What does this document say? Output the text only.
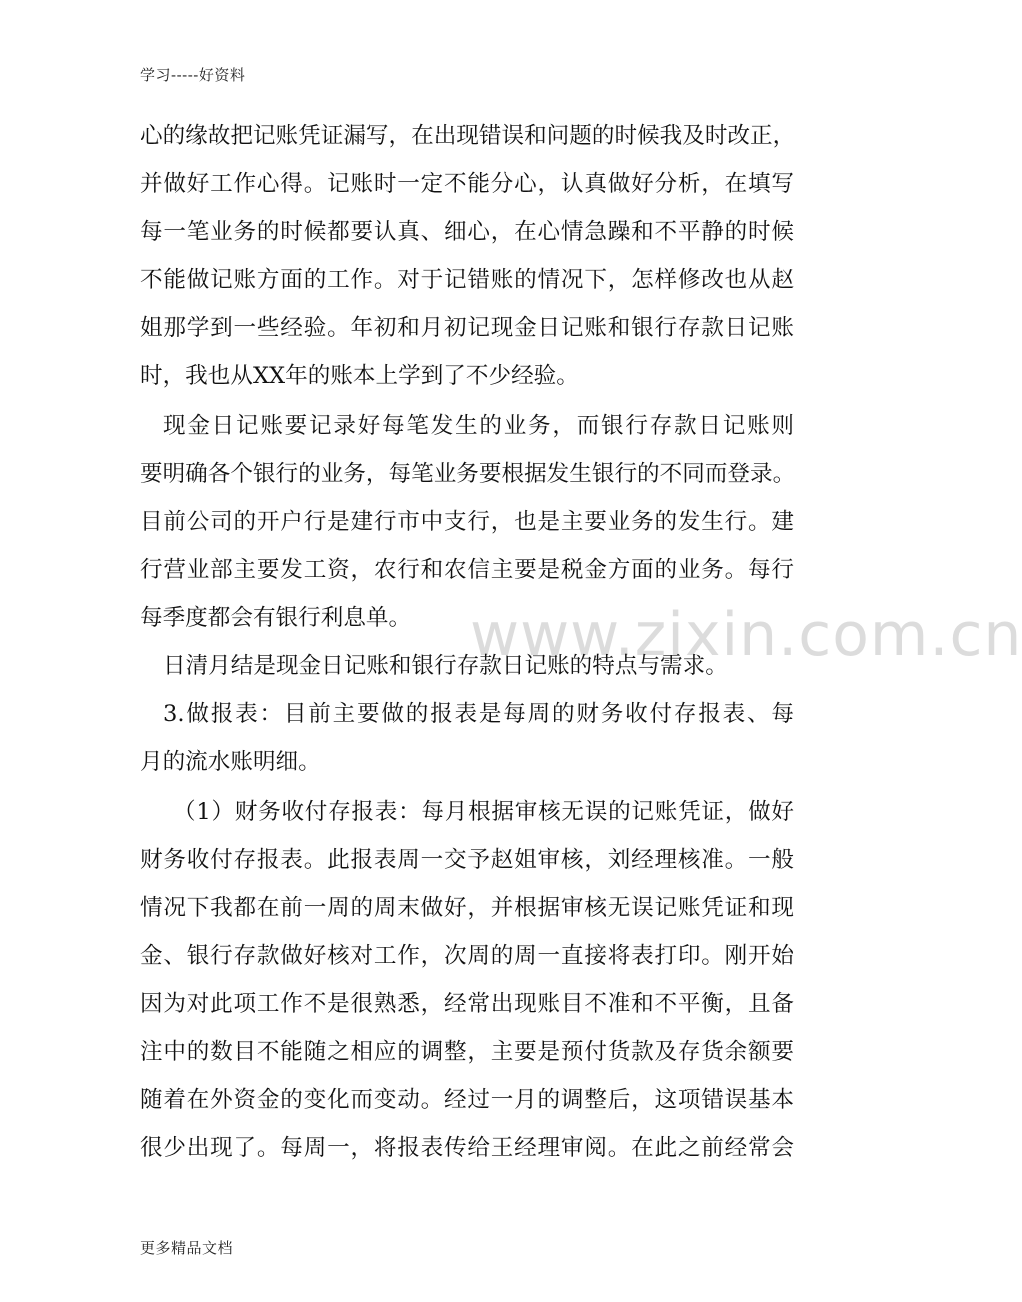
学习-----好资料
www.zixin.com.cn
心的缘故把记账凭证漏写，在出现错误和问题的时候我及时改正，
并做好工作心得。记账时一定不能分心，认真做好分析，在填写
每一笔业务的时候都要认真、细心，在心情急躁和不平静的时候
不能做记账方面的工作。对于记错账的情况下，怎样修改也从赵
姐那学到一些经验。年初和月初记现金日记账和银行存款日记账
时，我也从XX年的账本上学到了不少经验。
现金日记账要记录好每笔发生的业务，而银行存款日记账则
要明确各个银行的业务，每笔业务要根据发生银行的不同而登录。
目前公司的开户行是建行市中支行，也是主要业务的发生行。建
行营业部主要发工资，农行和农信主要是税金方面的业务。每行
每季度都会有银行利息单。
日清月结是现金日记账和银行存款日记账的特点与需求。
3.做报表：目前主要做的报表是每周的财务收付存报表、每
月的流水账明细。
（1）财务收付存报表：每月根据审核无误的记账凭证，做好
财务收付存报表。此报表周一交予赵姐审核，刘经理核准。一般
情况下我都在前一周的周末做好，并根据审核无误记账凭证和现
金、银行存款做好核对工作，次周的周一直接将表打印。刚开始
因为对此项工作不是很熟悉，经常出现账目不准和不平衡，且备
注中的数目不能随之相应的调整，主要是预付货款及存货余额要
随着在外资金的变化而变动。经过一月的调整后，这项错误基本
很少出现了。每周一，将报表传给王经理审阅。在此之前经常会
更多精品文档
